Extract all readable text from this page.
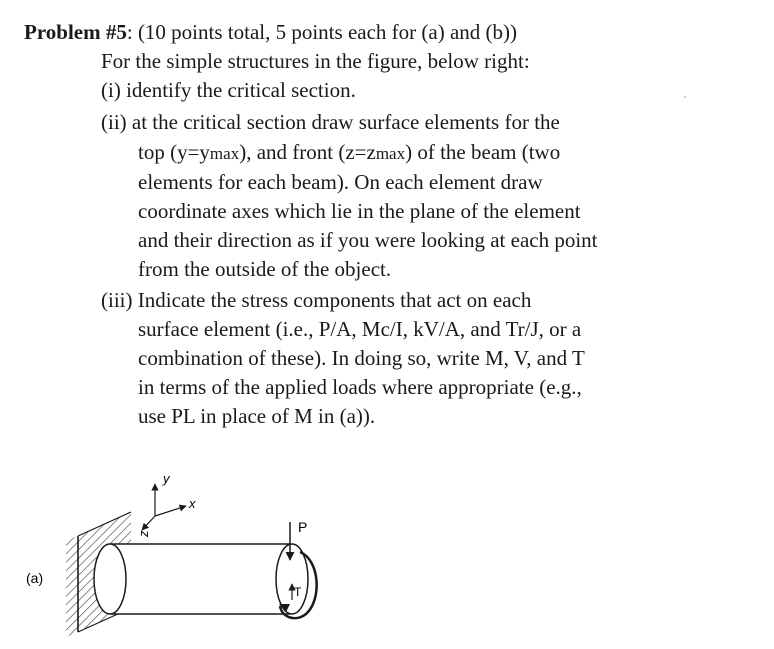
Problem #5: (10 points total, 5 points each for (a) and (b))
For the simple structures in the figure, below right:
(i) identify the critical section.
(ii) at the critical section draw surface elements for the
top (y=ymax), and front (z=zmax) of the beam (two
elements for each beam). On each element draw
coordinate axes which lie in the plane of the element
and their direction as if you were looking at each point
from the outside of the object.
(iii) Indicate the stress components that act on each
surface element (i.e., P/A, Mc/I, kV/A, and Tr/J, or a
combination of these). In doing so, write M, V, and T
in terms of the applied loads where appropriate (e.g.,
use PL in place of M in (a)).
(a)
y
x
z	P
T
